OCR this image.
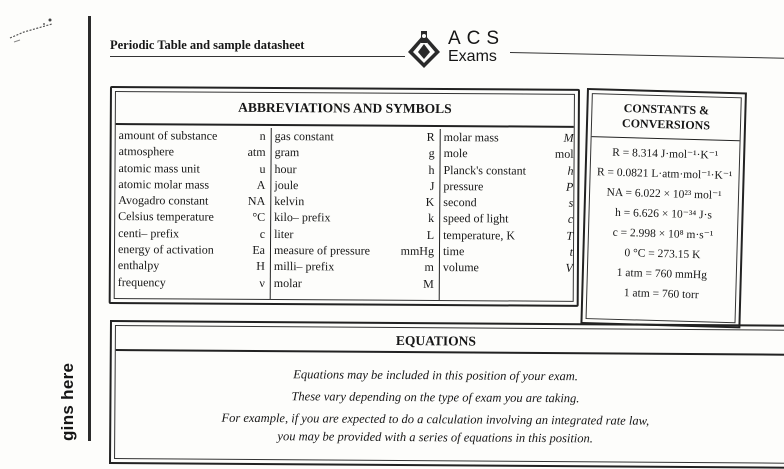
gins here
Periodic Table and sample datasheet	ACS
Exams
ABBREVIATIONS AND SYMBOLS
amount of substance	n
atmosphere	atm
atomic mass unit	u
atomic molar mass	A
Avogadro constant	NA
Celsius temperature	°C
centi– prefix	c
energy of activation	Ea
enthalpy	H
frequency	ν
gas constant	R
gram	g
hour	h
joule	J
kelvin	K
kilo– prefix	k
liter	L
measure of pressure	mmHg
milli– prefix	m
molar	M
molar mass	M
mole	mol
Planck's constant	h
pressure	P
second	s
speed of light	c
temperature, K	T
time	t
volume	V
CONSTANTS &
CONVERSIONS
R = 8.314 J·mol⁻¹·K⁻¹
R = 0.0821 L·atm·mol⁻¹·K⁻¹
NA = 6.022 × 10²³ mol⁻¹
h = 6.626 × 10⁻³⁴ J·s
c = 2.998 × 10⁸ m·s⁻¹
0 °C = 273.15 K
1 atm = 760 mmHg
1 atm = 760 torr
EQUATIONS
Equations may be included in this position of your exam.
These vary depending on the type of exam you are taking.
For example, if you are expected to do a calculation involving an integrated rate law,
you may be provided with a series of equations in this position.
